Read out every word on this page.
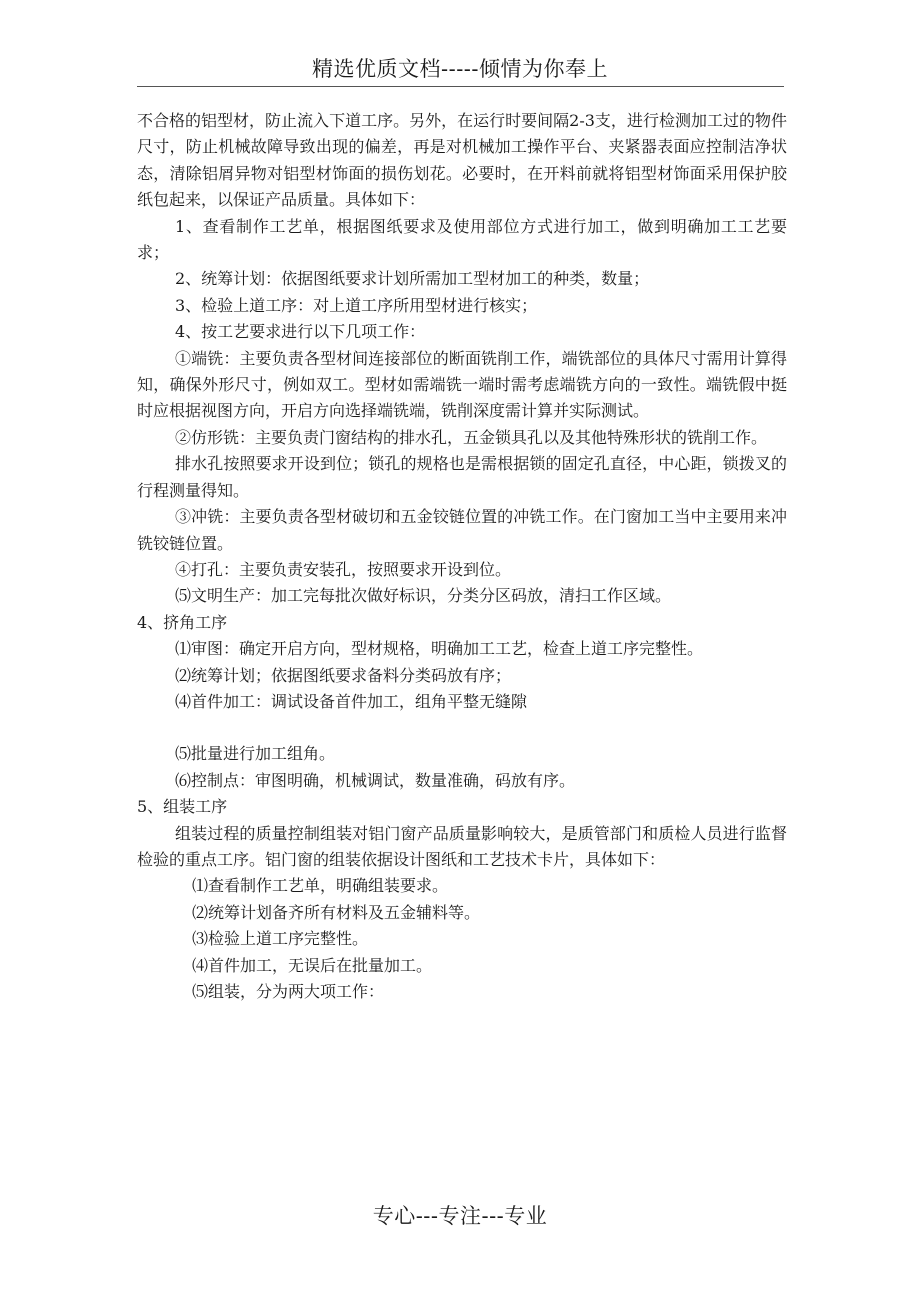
精选优质文档-----倾情为你奉上

不合格的铝型材，防止流入下道工序。另外，在运行时要间隔2-3支，进行检测加工过的物件尺寸，防止机械故障导致出现的偏差，再是对机械加工操作平台、夹紧器表面应控制洁净状态，清除铝屑异物对铝型材饰面的损伤划花。必要时，在开料前就将铝型材饰面采用保护胶纸包起来，以保证产品质量。具体如下：

1、查看制作工艺单，根据图纸要求及使用部位方式进行加工，做到明确加工工艺要求；

2、统筹计划：依据图纸要求计划所需加工型材加工的种类，数量；

3、检验上道工序：对上道工序所用型材进行核实；

4、按工艺要求进行以下几项工作：

①端铣：主要负责各型材间连接部位的断面铣削工作，端铣部位的具体尺寸需用计算得知，确保外形尺寸，例如双工。型材如需端铣一端时需考虑端铣方向的一致性。端铣假中挺时应根据视图方向，开启方向选择端铣端，铣削深度需计算并实际测试。

②仿形铣：主要负责门窗结构的排水孔，五金锁具孔以及其他特殊形状的铣削工作。

排水孔按照要求开设到位；锁孔的规格也是需根据锁的固定孔直径，中心距，锁拨叉的行程测量得知。

③冲铣：主要负责各型材破切和五金铰链位置的冲铣工作。在门窗加工当中主要用来冲铣铰链位置。

④打孔：主要负责安装孔，按照要求开设到位。

⑸文明生产：加工完每批次做好标识，分类分区码放，清扫工作区域。

4、挤角工序

⑴审图：确定开启方向，型材规格，明确加工工艺，检查上道工序完整性。

⑵统筹计划；依据图纸要求备料分类码放有序；

⑷首件加工：调试设备首件加工，组角平整无缝隙

⑸批量进行加工组角。

⑹控制点：审图明确，机械调试，数量准确，码放有序。

5、组装工序

组装过程的质量控制组装对铝门窗产品质量影响较大，是质管部门和质检人员进行监督检验的重点工序。铝门窗的组装依据设计图纸和工艺技术卡片，具体如下：

⑴查看制作工艺单，明确组装要求。

⑵统筹计划备齐所有材料及五金辅料等。

⑶检验上道工序完整性。

⑷首件加工，无误后在批量加工。

⑸组装，分为两大项工作：

专心---专注---专业
